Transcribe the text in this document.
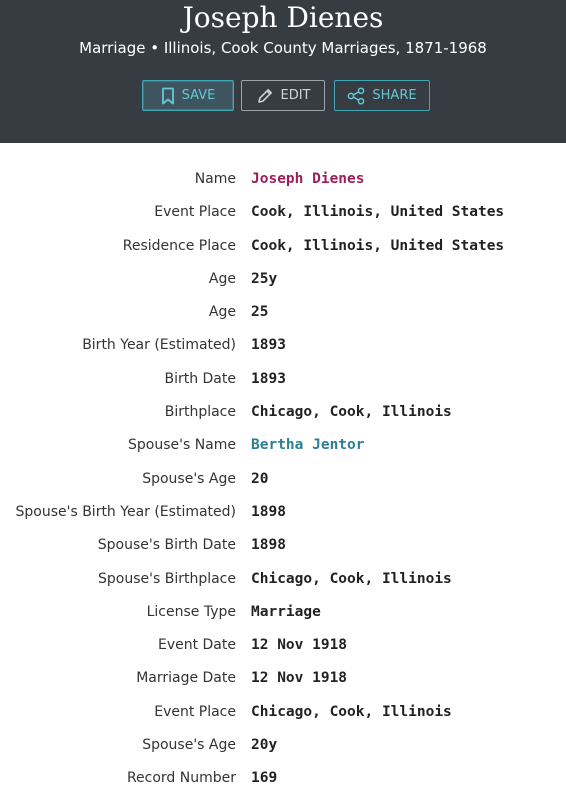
Joseph Dienes
Marriage • Illinois, Cook County Marriages, 1871-1968
SAVE	EDIT	SHARE
Name Joseph Dienes
Event Place Cook, Illinois, United States
Residence Place Cook, Illinois, United States
Age 25y
Age 25
Birth Year (Estimated) 1893
Birth Date 1893
Birthplace Chicago, Cook, Illinois
Spouse's Name Bertha Jentor
Spouse's Age 20
Spouse's Birth Year (Estimated) 1898
Spouse's Birth Date 1898
Spouse's Birthplace Chicago, Cook, Illinois
License Type Marriage
Event Date 12 Nov 1918
Marriage Date 12 Nov 1918
Event Place Chicago, Cook, Illinois
Spouse's Age 20y
Record Number 169
